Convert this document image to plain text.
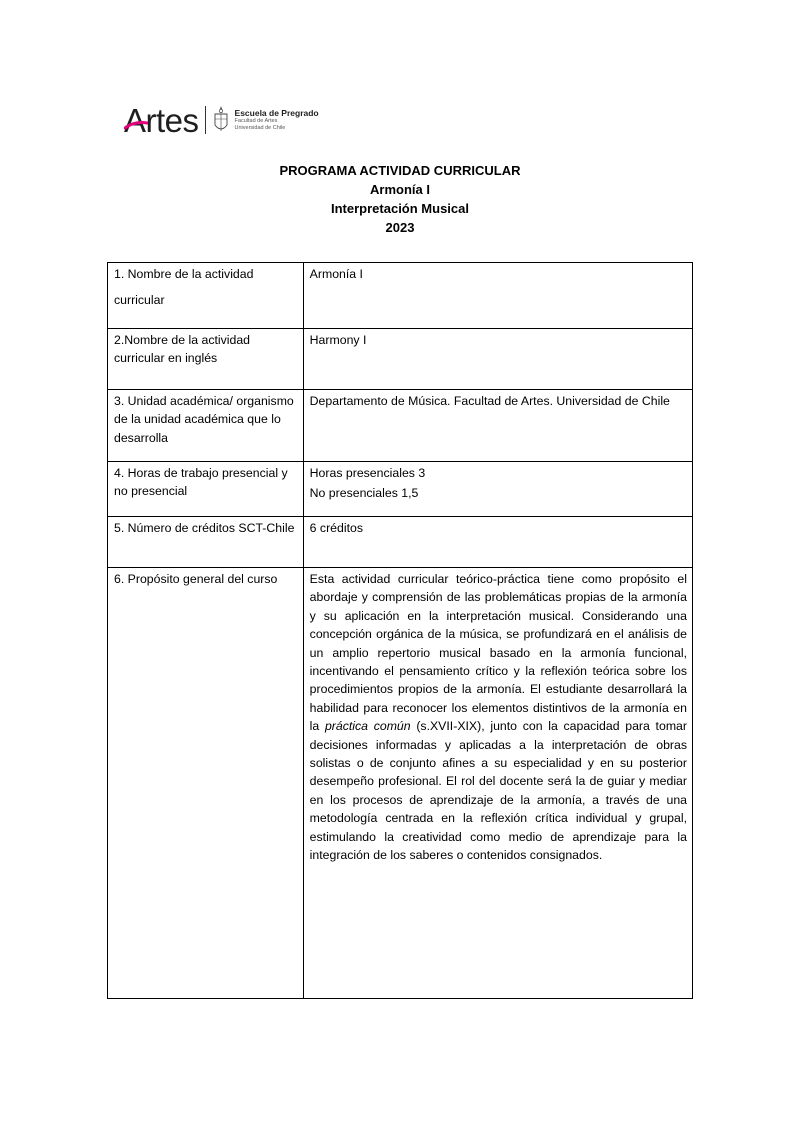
Artes	Escuela de Pregrado
Facultad de Artes
Universidad de Chile
PROGRAMA ACTIVIDAD CURRICULAR
Armonía I
Interpretación Musical
2023
1. Nombre de la actividad
curricular	Armonía I
2.Nombre de la actividad curricular en inglés	Harmony I
3. Unidad académica/ organismo de la unidad académica que lo desarrolla	Departamento de Música. Facultad de Artes. Universidad de Chile
4. Horas de trabajo presencial y no presencial	Horas presenciales 3
No presenciales 1,5

5. Número de créditos SCT-Chile	6 créditos
6. Propósito general del curso	Esta actividad curricular teórico-práctica tiene como propósito el abordaje y comprensión de las problemáticas propias de la armonía y su aplicación en la interpretación musical. Considerando una concepción orgánica de la música, se profundizará en el análisis de un amplio repertorio musical basado en la armonía funcional, incentivando el pensamiento crítico y la reflexión teórica sobre los procedimientos propios de la armonía. El estudiante desarrollará la habilidad para reconocer los elementos distintivos de la armonía en la práctica común (s.XVII-XIX), junto con la capacidad para tomar decisiones informadas y aplicadas a la interpretación de obras solistas o de conjunto afines a su especialidad y en su posterior desempeño profesional. El rol del docente será la de guiar y mediar en los procesos de aprendizaje de la armonía, a través de una metodología centrada en la reflexión crítica individual y grupal, estimulando la creatividad como medio de aprendizaje para la integración de los saberes o contenidos consignados.
